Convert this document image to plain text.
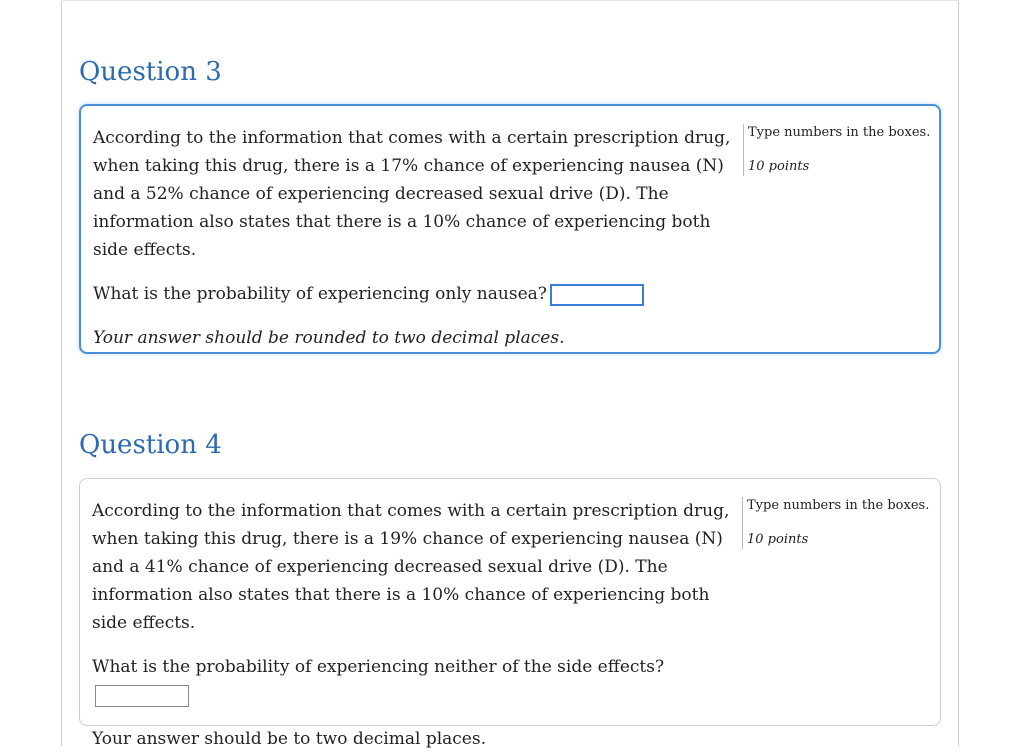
Question 3

According to the information that comes with a certain prescription drug, when taking this drug, there is a 17% chance of experiencing nausea (N) and a 52% chance of experiencing decreased sexual drive (D). The information also states that there is a 10% chance of experiencing both side effects.

What is the probability of experiencing only nausea?

Your answer should be rounded to two decimal places.

Type numbers in the boxes.
10 points
Question 4

According to the information that comes with a certain prescription drug, when taking this drug, there is a 19% chance of experiencing nausea (N) and a 41% chance of experiencing decreased sexual drive (D). The information also states that there is a 10% chance of experiencing both side effects.

What is the probability of experiencing neither of the side effects?

Your answer should be to two decimal places.

Type numbers in the boxes.
10 points
